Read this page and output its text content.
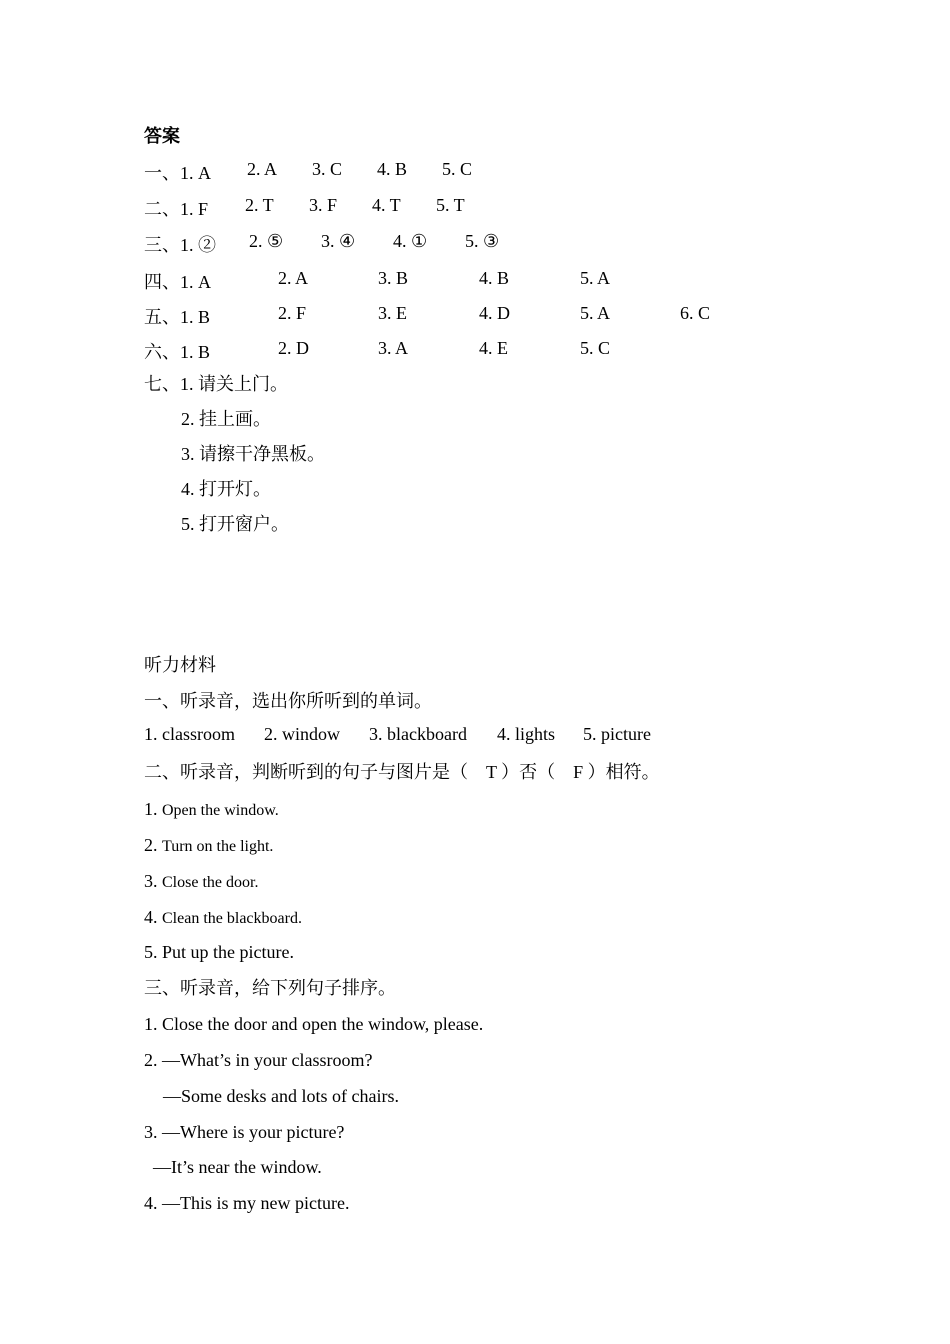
答案
一、1. A 2. A 3. C 4. B 5. C
二、1. F 2. T 3. F 4. T 5. T
三、1. ② 2. ⑤ 3. ④ 4. ① 5. ③
四、1. A	2. A	3. B	4. B	5. A
五、1. B	2. F	3. E	4. D	5. A	6. C
六、1. B	2. D	3. A	4. E	5. C
七、1. 请关上门。
2. 挂上画。
3. 请擦干净黑板。
4. 打开灯。
5. 打开窗户。
听力材料
一、听录音，选出你所听到的单词。
1. classroom 2. window 3. blackboard 4. lights 5. picture
二、听录音，判断听到的句子与图片是（　T ）否（　F ）相符。
1. Open the window.
2. Turn on the light.
3. Close the door.
4. Clean the blackboard.
5. Put up the picture.
三、听录音，给下列句子排序。
1. Close the door and open the window, please.
2. —What’s in your classroom?
—Some desks and lots of chairs.
3. —Where is your picture?
—It’s near the window.
4. —This is my new picture.
